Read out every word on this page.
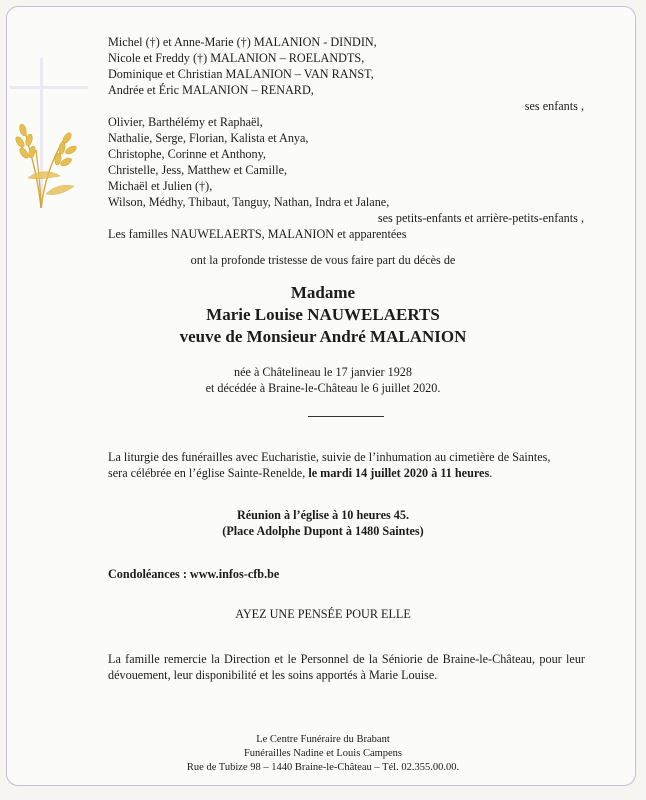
Michel (†) et Anne-Marie (†) MALANION - DINDIN,
Nicole et Freddy (†) MALANION – ROELANDTS,
Dominique et Christian MALANION – VAN RANST,
Andrée et Éric MALANION – RENARD,
ses enfants ,
Olivier, Barthélémy et Raphaël,
Nathalie, Serge, Florian, Kalista et Anya,
Christophe, Corinne et Anthony,
Christelle, Jess, Matthew et Camille,
Michaël et Julien (†),
Wilson, Médhy, Thibaut, Tanguy, Nathan, Indra et Jalane,
ses petits-enfants et arrière-petits-enfants ,
Les familles NAUWELAERTS, MALANION et apparentées
ont la profonde tristesse de vous faire part du décès de
Madame
Marie Louise NAUWELAERTS
veuve de Monsieur André MALANION
née à Châtelineau le 17 janvier 1928
et décédée à Braine-le-Château le 6 juillet 2020.
La liturgie des funérailles avec Eucharistie, suivie de l’inhumation au cimetière de Saintes,
sera célébrée en l’église Sainte-Renelde, le mardi 14 juillet 2020 à 11 heures.
Réunion à l’église à 10 heures 45.
(Place Adolphe Dupont à 1480 Saintes)
Condoléances : www.infos-cfb.be
AYEZ UNE PENSÉE POUR ELLE
La famille remercie la Direction et le Personnel de la Séniorie de Braine-le-Château, pour leur dévouement, leur disponibilité et les soins apportés à Marie Louise.
Le Centre Funéraire du Brabant
Funérailles Nadine et Louis Campens
Rue de Tubize 98 – 1440 Braine-le-Château – Tél. 02.355.00.00.
